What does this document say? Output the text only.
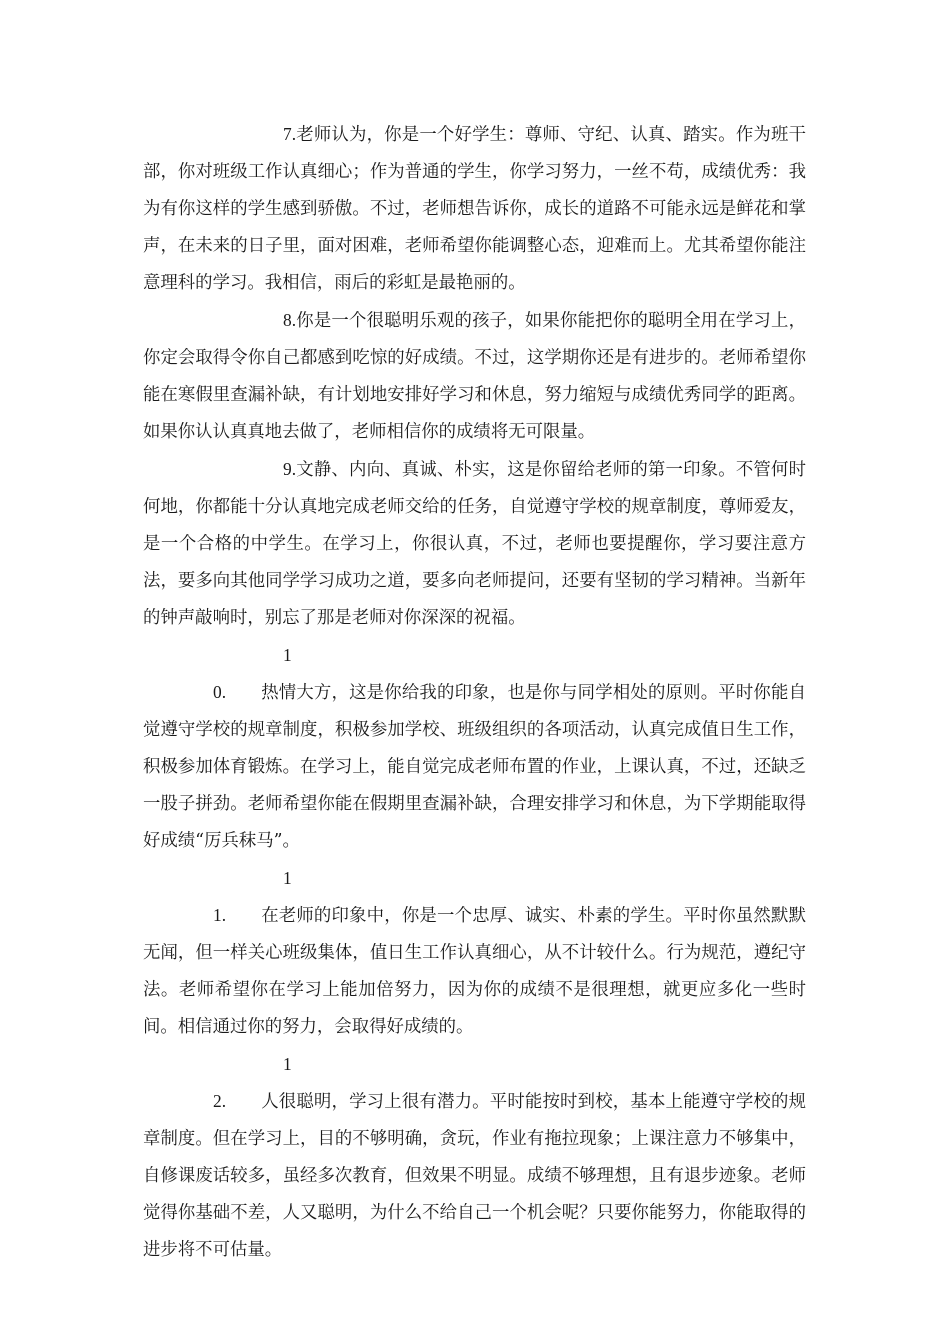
7.老师认为，你是一个好学生：尊师、守纪、认真、踏实。作为班干部，你对班级工作认真细心；作为普通的学生，你学习努力，一丝不苟，成绩优秀：我为有你这样的学生感到骄傲。不过，老师想告诉你，成长的道路不可能永远是鲜花和掌声，在未来的日子里，面对困难，老师希望你能调整心态，迎难而上。尤其希望你能注意理科的学习。我相信，雨后的彩虹是最艳丽的。

8.你是一个很聪明乐观的孩子，如果你能把你的聪明全用在学习上，你定会取得令你自己都感到吃惊的好成绩。不过，这学期你还是有进步的。老师希望你能在寒假里查漏补缺，有计划地安排好学习和休息，努力缩短与成绩优秀同学的距离。如果你认认真真地去做了，老师相信你的成绩将无可限量。

9.文静、内向、真诚、朴实，这是你留给老师的第一印象。不管何时何地，你都能十分认真地完成老师交给的任务，自觉遵守学校的规章制度，尊师爱友，是一个合格的中学生。在学习上，你很认真，不过，老师也要提醒你，学习要注意方法，要多向其他同学学习成功之道，要多向老师提问，还要有坚韧的学习精神。当新年的钟声敲响时，别忘了那是老师对你深深的祝福。

10. 热情大方，这是你给我的印象，也是你与同学相处的原则。平时你能自觉遵守学校的规章制度，积极参加学校、班级组织的各项活动，认真完成值日生工作，积极参加体育锻炼。在学习上，能自觉完成老师布置的作业，上课认真，不过，还缺乏一股子拼劲。老师希望你能在假期里查漏补缺，合理安排学习和休息，为下学期能取得好成绩“厉兵秣马”。

11. 在老师的印象中，你是一个忠厚、诚实、朴素的学生。平时你虽然默默无闻，但一样关心班级集体，值日生工作认真细心，从不计较什么。行为规范，遵纪守法。老师希望你在学习上能加倍努力，因为你的成绩不是很理想，就更应多化一些时间。相信通过你的努力，会取得好成绩的。

12. 人很聪明，学习上很有潜力。平时能按时到校，基本上能遵守学校的规章制度。但在学习上，目的不够明确，贪玩，作业有拖拉现象；上课注意力不够集中，自修课废话较多，虽经多次教育，但效果不明显。成绩不够理想，且有退步迹象。老师觉得你基础不差，人又聪明，为什么不给自己一个机会呢？只要你能努力，你能取得的进步将不可估量。
